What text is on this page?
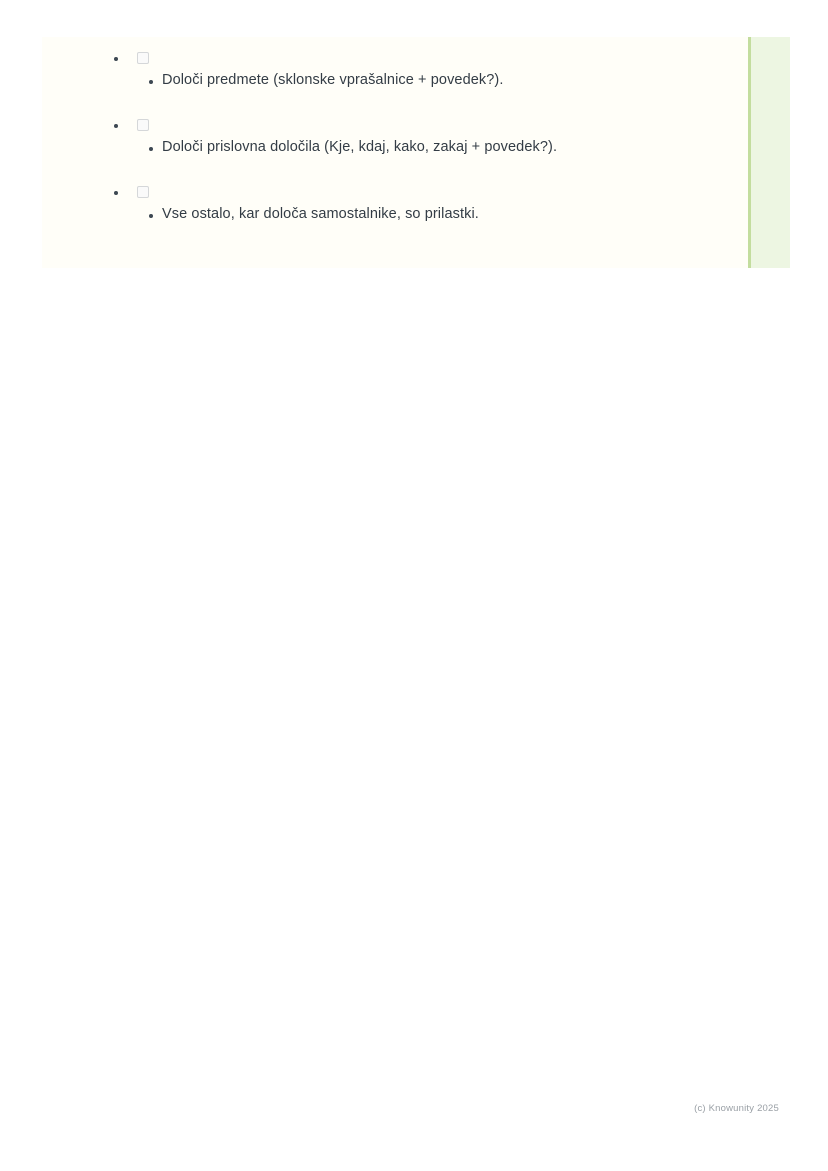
Določi predmete (sklonske vprašalnice + povedek?).
Določi prislovna določila (Kje, kdaj, kako, zakaj + povedek?).
Vse ostalo, kar določa samostalnike, so prilastki.
(c) Knowunity 2025
